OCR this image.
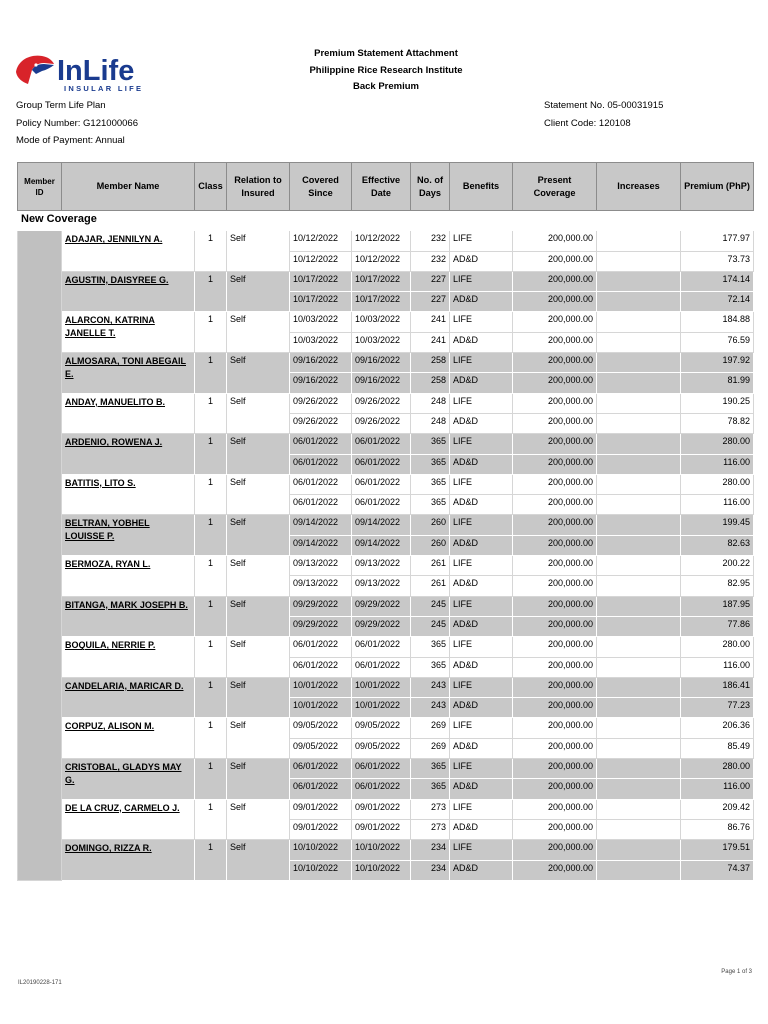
InLife
INSULAR LIFE
Premium Statement Attachment
Philippine Rice Research Institute
Back Premium
Group Term Life Plan
Policy Number: G121000066
Mode of Payment: Annual
Statement No. 05-00031915
Client Code: 120108
Member ID	Member Name	Class	Relation to Insured	Covered Since	Effective Date	No. of Days	Benefits	Present Coverage	Increases	Premium (PhP)
New Coverage										
	ADAJAR, JENNILYN A.	1	Self	10/12/2022	10/12/2022	232	LIFE	200,000.00		177.97
				10/12/2022	10/12/2022	232	AD&D	200,000.00		73.73
	AGUSTIN, DAISYREE G.	1	Self	10/17/2022	10/17/2022	227	LIFE	200,000.00		174.14
				10/17/2022	10/17/2022	227	AD&D	200,000.00		72.14
	ALARCON, KATRINA JANELLE T.	1	Self	10/03/2022	10/03/2022	241	LIFE	200,000.00		184.88
				10/03/2022	10/03/2022	241	AD&D	200,000.00		76.59
	ALMOSARA, TONI ABEGAIL E.	1	Self	09/16/2022	09/16/2022	258	LIFE	200,000.00		197.92
				09/16/2022	09/16/2022	258	AD&D	200,000.00		81.99
	ANDAY, MANUELITO B.	1	Self	09/26/2022	09/26/2022	248	LIFE	200,000.00		190.25
				09/26/2022	09/26/2022	248	AD&D	200,000.00		78.82
	ARDENIO, ROWENA J.	1	Self	06/01/2022	06/01/2022	365	LIFE	200,000.00		280.00
				06/01/2022	06/01/2022	365	AD&D	200,000.00		116.00
	BATITIS, LITO S.	1	Self	06/01/2022	06/01/2022	365	LIFE	200,000.00		280.00
				06/01/2022	06/01/2022	365	AD&D	200,000.00		116.00
	BELTRAN, YOBHEL LOUISSE P.	1	Self	09/14/2022	09/14/2022	260	LIFE	200,000.00		199.45
				09/14/2022	09/14/2022	260	AD&D	200,000.00		82.63
	BERMOZA, RYAN L.	1	Self	09/13/2022	09/13/2022	261	LIFE	200,000.00		200.22
				09/13/2022	09/13/2022	261	AD&D	200,000.00		82.95
	BITANGA, MARK JOSEPH B.	1	Self	09/29/2022	09/29/2022	245	LIFE	200,000.00		187.95
				09/29/2022	09/29/2022	245	AD&D	200,000.00		77.86
	BOQUILA, NERRIE P.	1	Self	06/01/2022	06/01/2022	365	LIFE	200,000.00		280.00
				06/01/2022	06/01/2022	365	AD&D	200,000.00		116.00
	CANDELARIA, MARICAR D.	1	Self	10/01/2022	10/01/2022	243	LIFE	200,000.00		186.41
				10/01/2022	10/01/2022	243	AD&D	200,000.00		77.23
	CORPUZ, ALISON M.	1	Self	09/05/2022	09/05/2022	269	LIFE	200,000.00		206.36
				09/05/2022	09/05/2022	269	AD&D	200,000.00		85.49
	CRISTOBAL, GLADYS MAY G.	1	Self	06/01/2022	06/01/2022	365	LIFE	200,000.00		280.00
				06/01/2022	06/01/2022	365	AD&D	200,000.00		116.00
	DE LA CRUZ, CARMELO J.	1	Self	09/01/2022	09/01/2022	273	LIFE	200,000.00		209.42
				09/01/2022	09/01/2022	273	AD&D	200,000.00		86.76
	DOMINGO, RIZZA R.	1	Self	10/10/2022	10/10/2022	234	LIFE	200,000.00		179.51
				10/10/2022	10/10/2022	234	AD&D	200,000.00		74.37
IL20190228-171
Page 1 of 3
